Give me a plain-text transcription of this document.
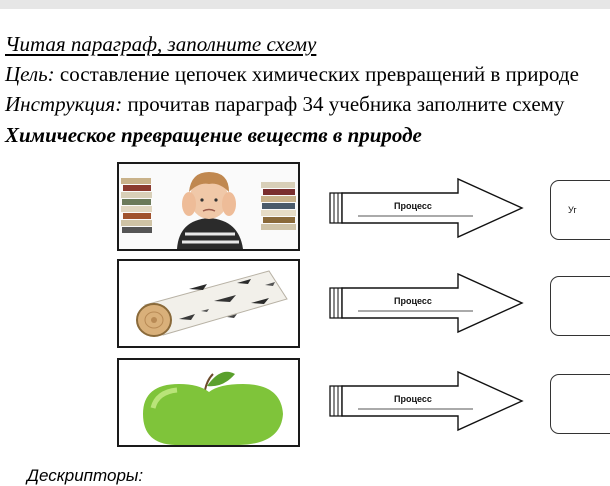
Читая параграф, заполните схему
Цель: составление цепочек химических превращений в природе
Инструкция: прочитав параграф 34 учебника заполните схему
Химическое превращение веществ в природе
Процесс
Процесс
Процесс
Уг
Дескрипторы:
